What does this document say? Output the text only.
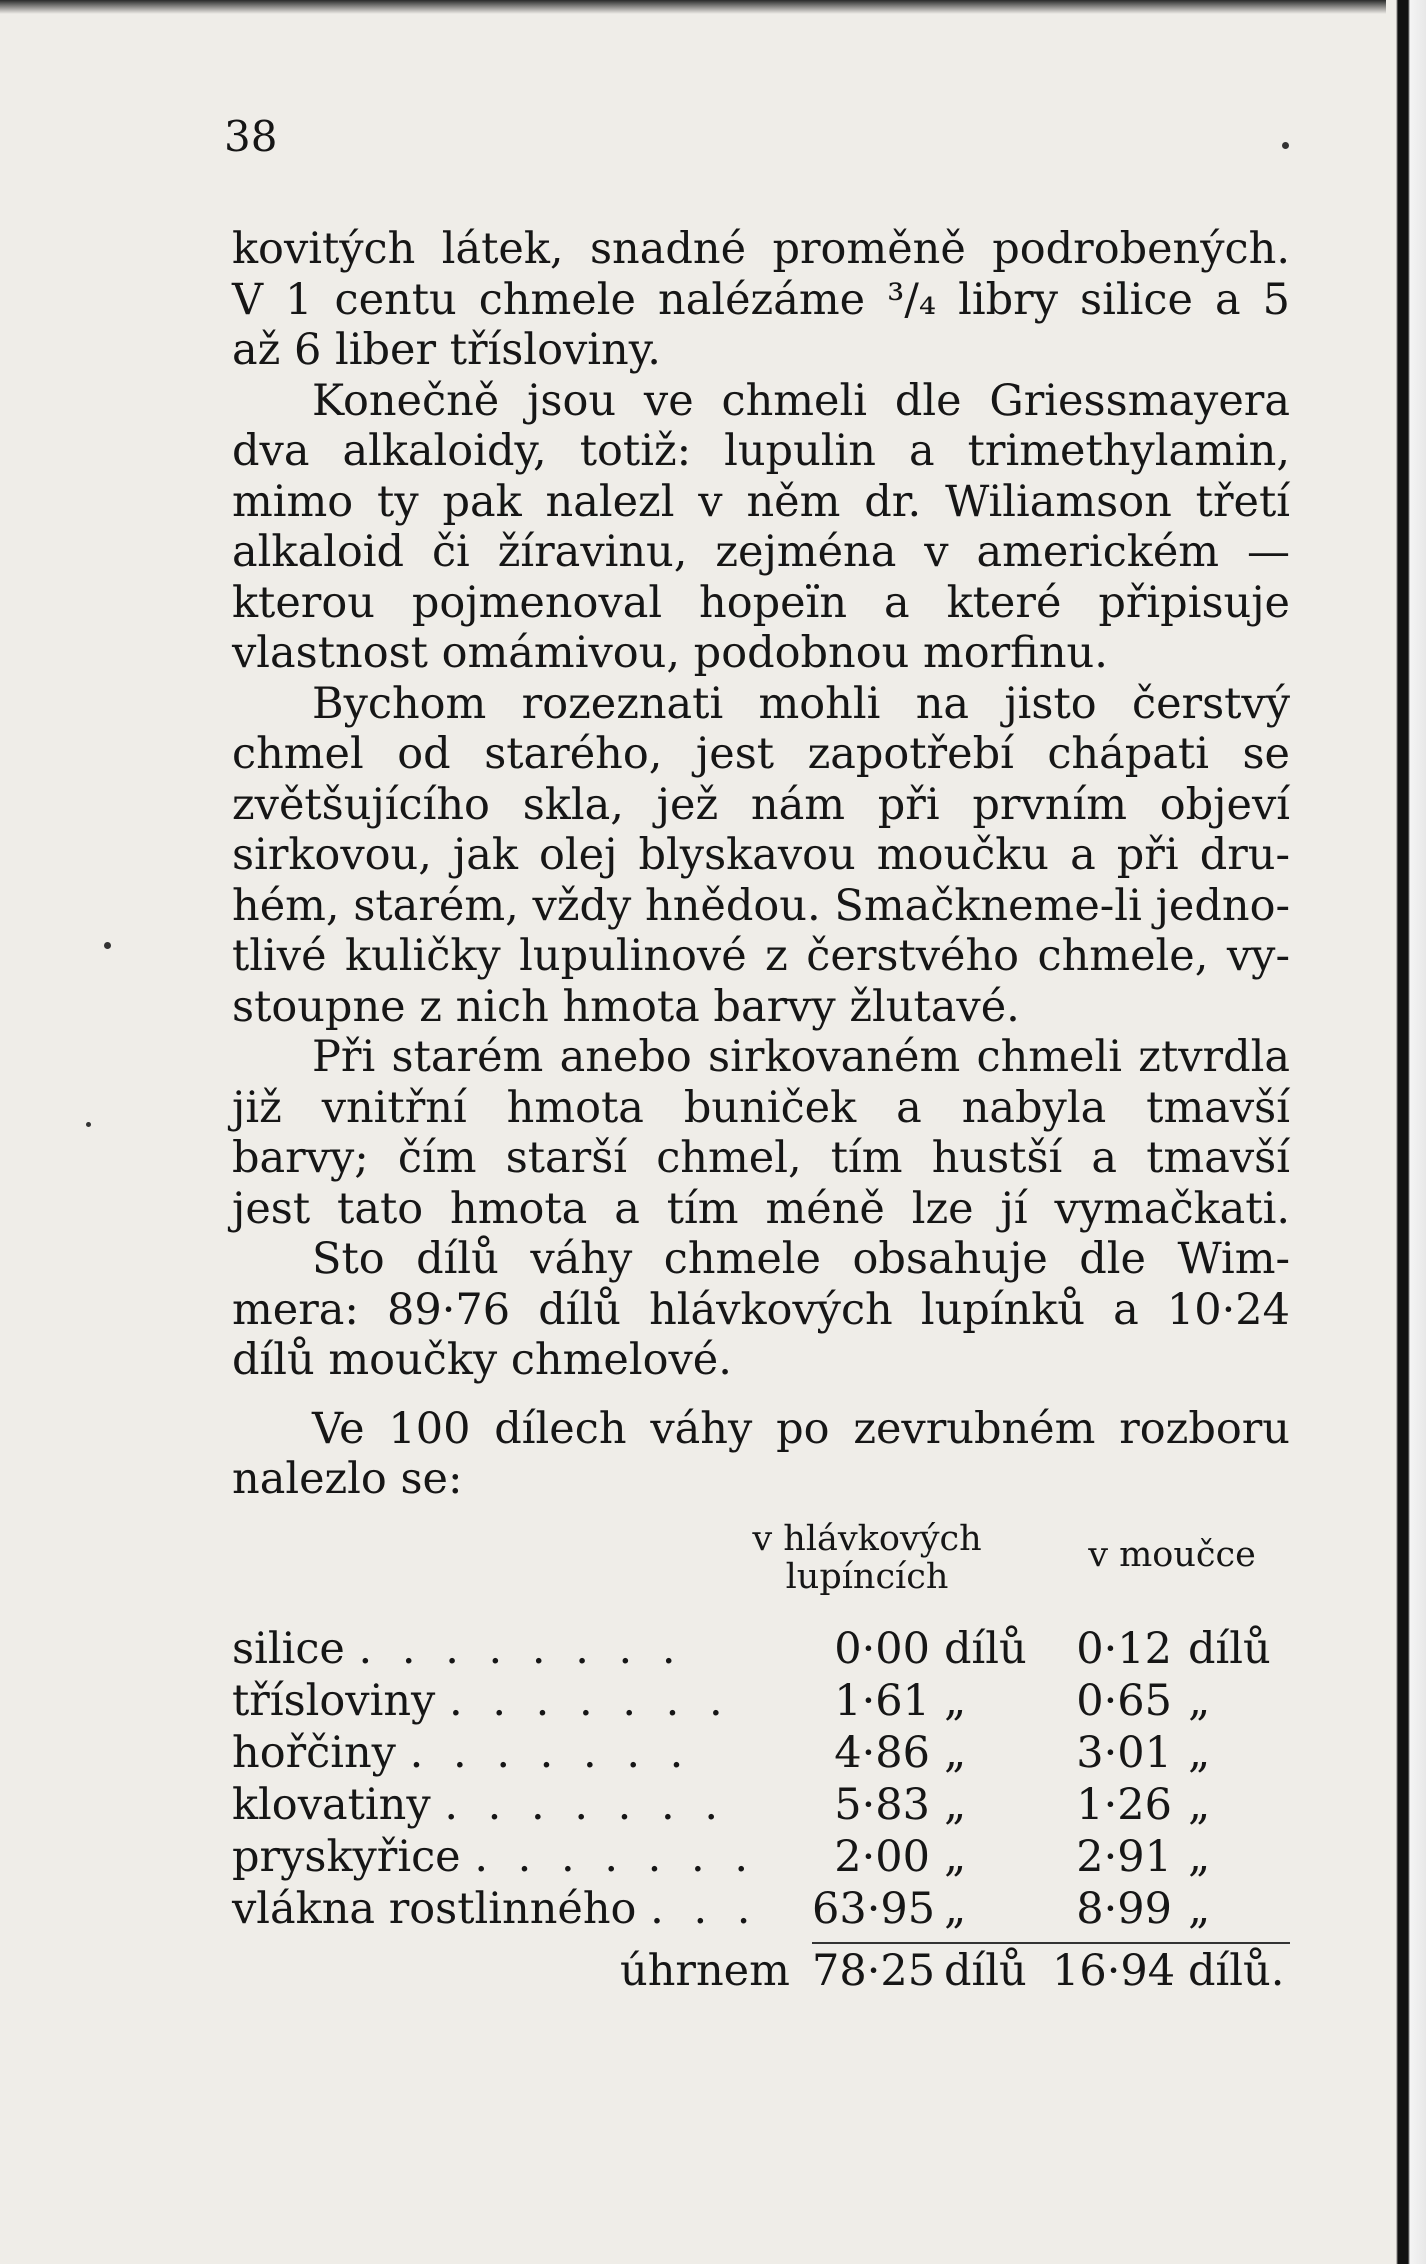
38
kovitých látek, snadné proměně podrobených.
V 1 centu chmele nalézáme ³/₄ libry silice a 5
až 6 liber třísloviny.
Konečně jsou ve chmeli dle Griessmayera
dva alkaloidy, totiž: lupulin a trimethylamin,
mimo ty pak nalezl v něm dr. Wiliamson třetí
alkaloid či žíravinu, zejména v americkém —
kterou pojmenoval hopeïn a které připisuje
vlastnost omámivou, podobnou morfinu.
Bychom rozeznati mohli na jisto čerstvý
chmel od starého, jest zapotřebí chápati se
zvětšujícího skla, jež nám při prvním objeví
sirkovou, jak olej blyskavou moučku a při dru-
hém, starém, vždy hnědou. Smačkneme-li jedno-
tlivé kuličky lupulinové z čerstvého chmele, vy-
stoupne z nich hmota barvy žlutavé.
Při starém anebo sirkovaném chmeli ztvrdla
již vnitřní hmota buniček a nabyla tmavší
barvy; čím starší chmel, tím hustší a tmavší
jest tato hmota a tím méně lze jí vymačkati.
Sto dílů váhy chmele obsahuje dle Wim-
mera: 89·76 dílů hlávkových lupínků a 10·24
dílů moučky chmelové.
Ve 100 dílech váhy po zevrubném rozboru
nalezlo se:
v hlávkových lupíncích
v moučce
silice . . . . . . . .	0·00 dílů	0·12 dílů
třísloviny . . . . . . .	1·61 „	0·65 „
hořčiny . . . . . . .	4·86 „	3·01 „
klovatiny . . . . . . .	5·83 „	1·26 „
pryskyřice . . . . . . .	2·00 „	2·91 „
vlákna rostlinného . . . 63·95 „	8·99 „
úhrnem 78·25 dílů 16·94 dílů.
